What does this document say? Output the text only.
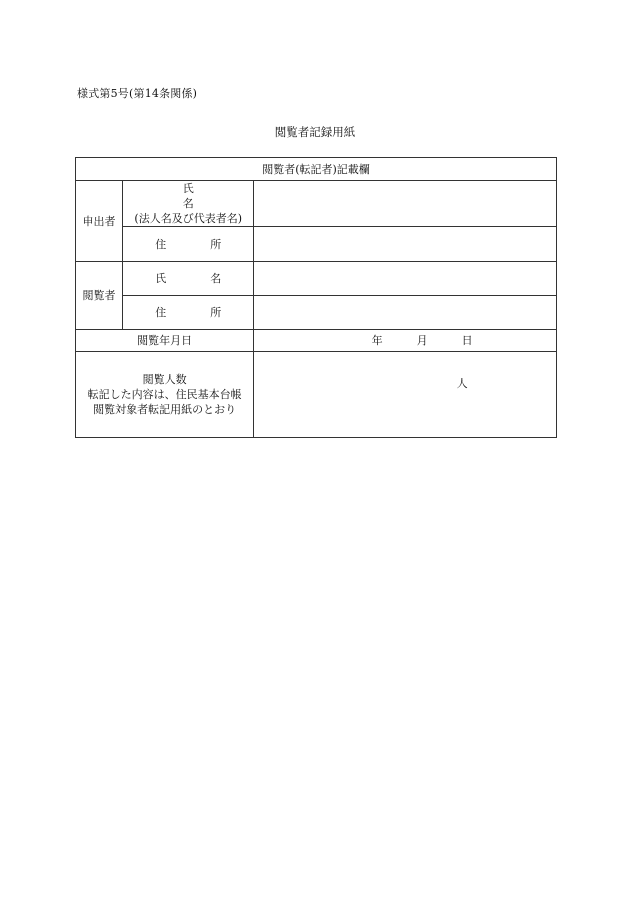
様式第5号(第14条関係)
閲覧者記録用紙
閲覧者(転記者)記載欄		
申出者	氏
名
(法人名及び代表者名)	

	住 所	
閲覧者	氏 名	
	住 所	
閲覧年月日		年 月 日

閲覧人数
転記した内容は、住民基本台帳
閲覧対象者転記用紙のとおり		人
